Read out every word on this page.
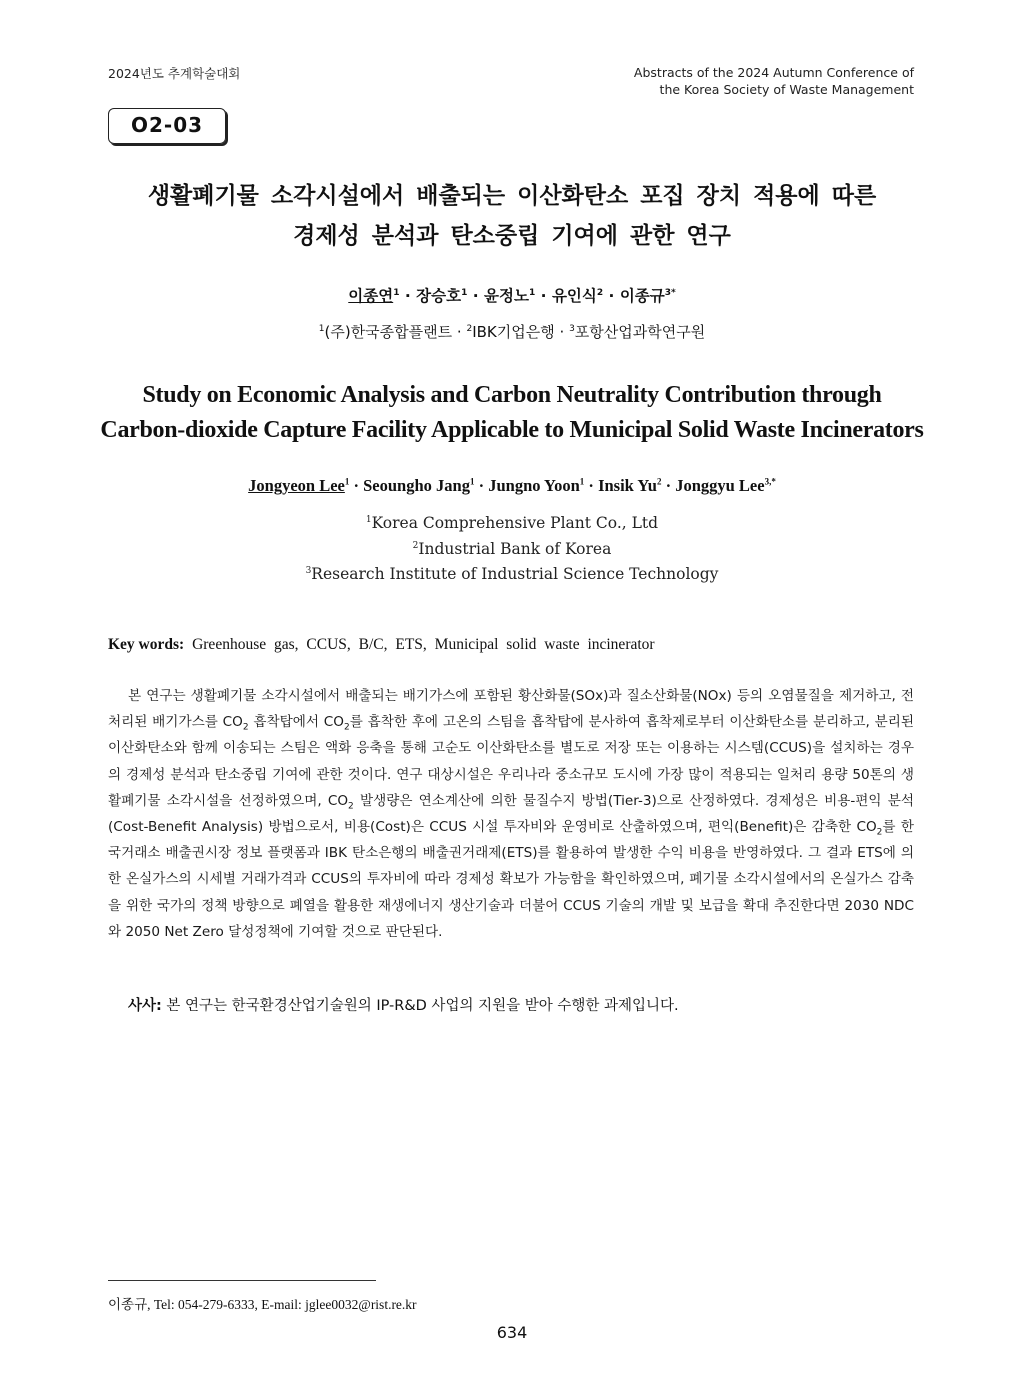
2024년도 추계학술대회	Abstracts of the 2024 Autumn Conference of
the Korea Society of Waste Management
O2-03
생활폐기물 소각시설에서 배출되는 이산화탄소 포집 장치 적용에 따른
경제성 분석과 탄소중립 기여에 관한 연구
이종연$^1$ · 장승호$^1$ · 윤정노$^1$ · 유인식$^2$ · 이종규$^{3*}$
$^1$(주)한국종합플랜트 · $^2$IBK기업은행 · $^3$포항산업과학연구원
Study on Economic Analysis and Carbon Neutrality Contribution through
Carbon-dioxide Capture Facility Applicable to Municipal Solid Waste Incinerators
Jongyeon Lee$^1$ · Seoungho Jang$^1$ · Jungno Yoon$^1$ · Insik $Yu^2$ · Jonggyu Lee$^{3,*}$
$^1$Korea Comprehensive Plant Co., Ltd
$^2$Industrial Bank of Korea
$^3$Research Institute of Industrial Science Technology
Key words: Greenhouse gas, CCUS, B/C, ETS, Municipal solid waste incinerator

본 연구는 생활폐기물 소각시설에서 배출되는 배기가스에 포함된 황산화물(SOx)과 질소산화물(NOx) 등의 오염물질을 제거하고, 전처리된 배기가스를 $CO_2$ 흡착탑에서 $CO_2$를 흡착한 후에 고온의 스팀을 흡착탑에 분사하여 흡착제로부터 이산화탄소를 분리하고, 분리된 이산화탄소와 함께 이송되는 스팀은 액화 응축을 통해 고순도 이산화탄소를 별도로 저장 또는 이용하는 시스템(CCUS)을 설치하는 경우의 경제성 분석과 탄소중립 기여에 관한 것이다. 연구 대상시설은 우리나라 중소규모 도시에 가장 많이 적용되는 일처리 용량 50톤의 생활폐기물 소각시설을 선정하였으며, $CO_2$ 발생량은 연소계산에 의한 물질수지 방법(Tier-3)으로 산정하였다. 경제성은 비용-편익 분석(Cost-Benefit Analysis) 방법으로서, 비용(Cost)은 CCUS 시설 투자비와 운영비로 산출하였으며, 편익(Benefit)은 감축한 $CO_2$를 한국거래소 배출권시장 정보 플랫폼과 IBK 탄소은행의 배출권거래제(ETS)를 활용하여 발생한 수익 비용을 반영하였다. 그 결과 ETS에 의한 온실가스의 시세별 거래가격과 CCUS의 투자비에 따라 경제성 확보가 가능함을 확인하였으며, 폐기물 소각시설에서의 온실가스 감축을 위한 국가의 정책 방향으로 폐열을 활용한 재생에너지 생산기술과 더불어 CCUS 기술의 개발 및 보급을 확대 추진한다면 2030 NDC와 2050 Net Zero 달성정책에 기여할 것으로 판단된다.

사사: 본 연구는 한국환경산업기술원의 IP-R&D 사업의 지원을 받아 수행한 과제입니다.
이종규, Tel: 054-279-6333, E-mail: jglee0032@rist.re.kr
634
